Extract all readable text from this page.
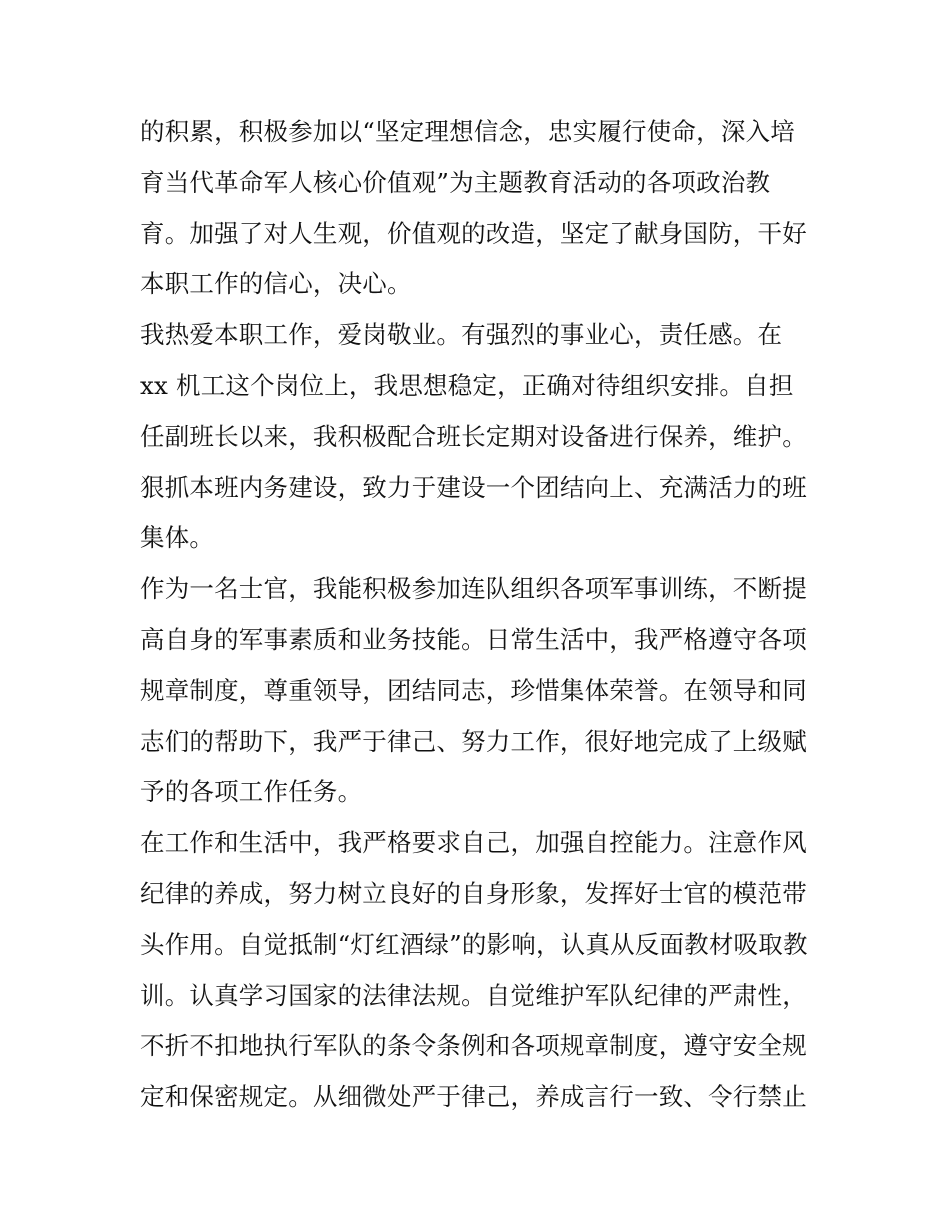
的积累，积极参加以“坚定理想信念，忠实履行使命，深入培
育当代革命军人核心价值观”为主题教育活动的各项政治教
育。加强了对人生观，价值观的改造，坚定了献身国防，干好
本职工作的信心，决心。
我热爱本职工作，爱岗敬业。有强烈的事业心，责任感。在
xx 机工这个岗位上，我思想稳定，正确对待组织安排。自担
任副班长以来，我积极配合班长定期对设备进行保养，维护。
狠抓本班内务建设，致力于建设一个团结向上、充满活力的班
集体。
作为一名士官，我能积极参加连队组织各项军事训练，不断提
高自身的军事素质和业务技能。日常生活中，我严格遵守各项
规章制度，尊重领导，团结同志，珍惜集体荣誉。在领导和同
志们的帮助下，我严于律己、努力工作，很好地完成了上级赋
予的各项工作任务。
在工作和生活中，我严格要求自己，加强自控能力。注意作风
纪律的养成，努力树立良好的自身形象，发挥好士官的模范带
头作用。自觉抵制“灯红酒绿”的影响，认真从反面教材吸取教
训。认真学习国家的法律法规。自觉维护军队纪律的严肃性，
不折不扣地执行军队的条令条例和各项规章制度，遵守安全规
定和保密规定。从细微处严于律己，养成言行一致、令行禁止
